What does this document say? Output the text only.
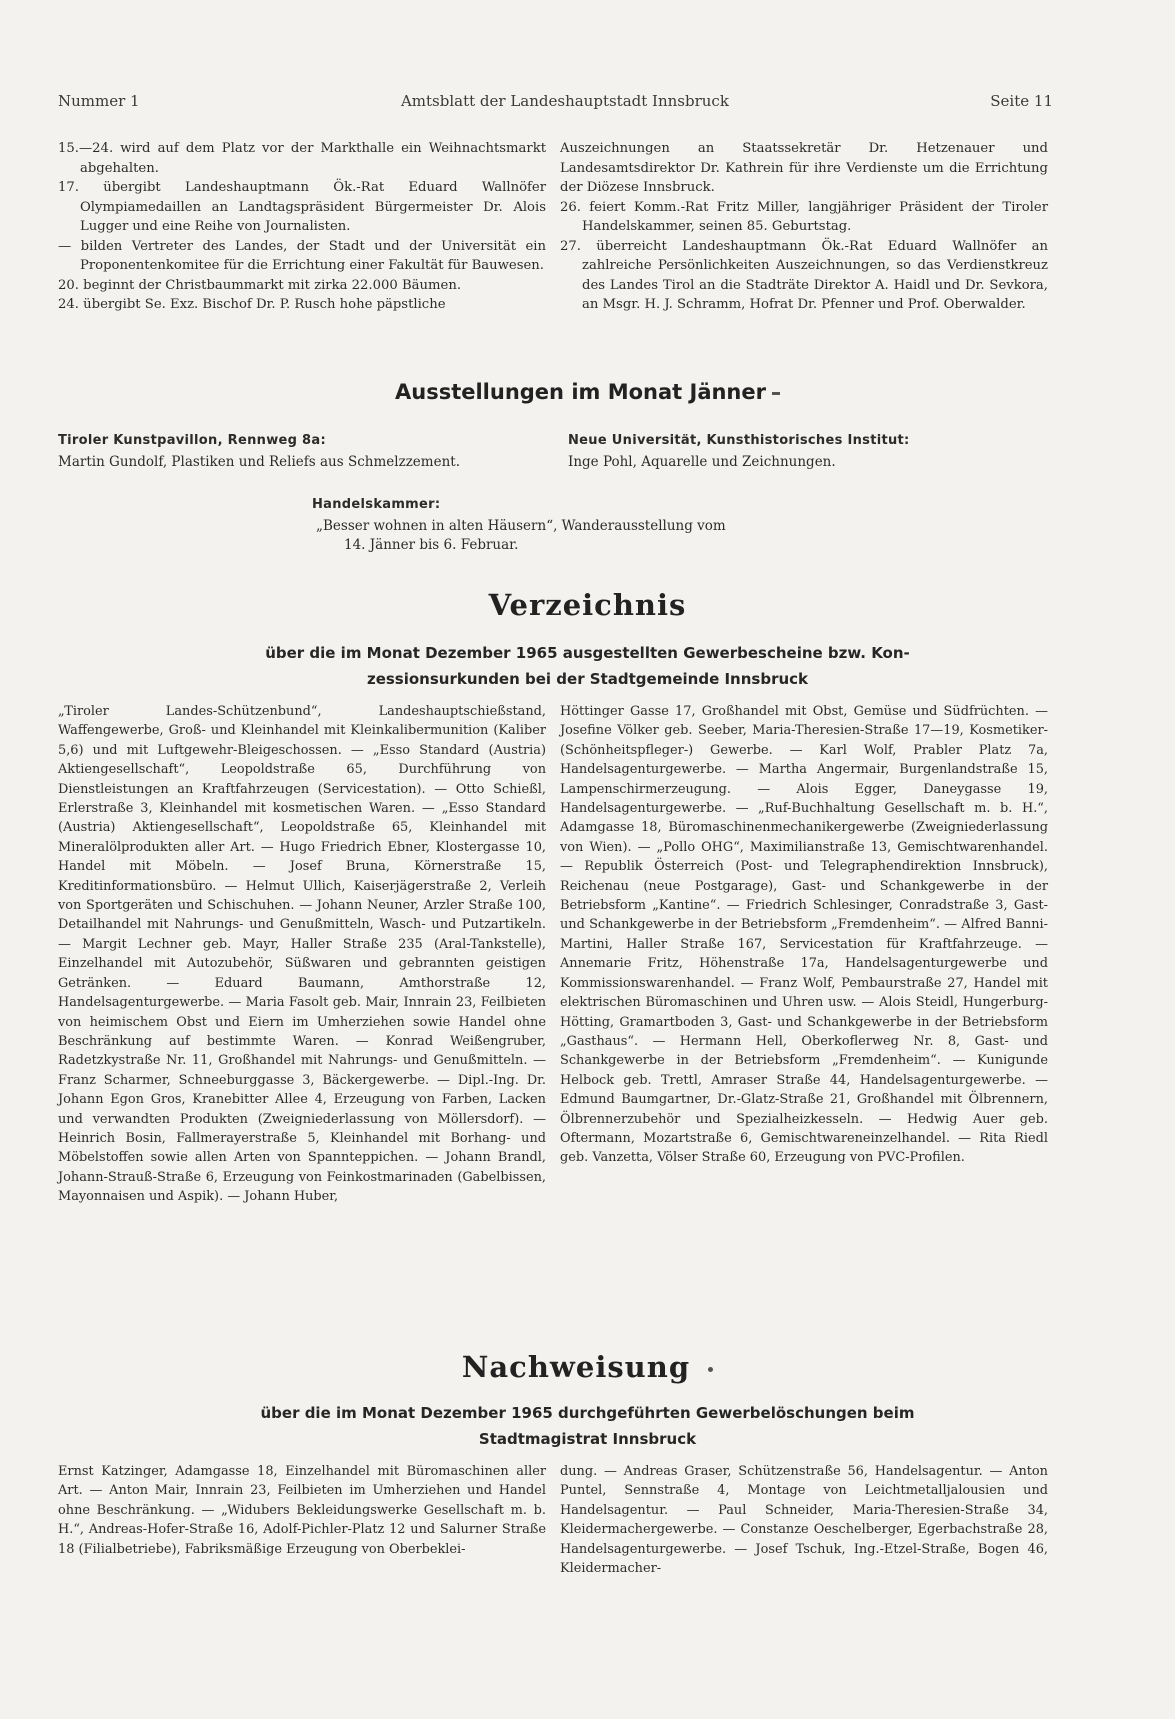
Nummer 1	Amtsblatt der Landeshauptstadt Innsbruck	Seite 11

15.—24. wird auf dem Platz vor der Markthalle ein Weihnachtsmarkt abgehalten.

17. übergibt Landeshauptmann Ök.-Rat Eduard Wallnöfer Olympiamedaillen an Landtagspräsident Bürgermeister Dr. Alois Lugger und eine Reihe von Journalisten.

— bilden Vertreter des Landes, der Stadt und der Universität ein Proponentenkomitee für die Errichtung einer Fakultät für Bauwesen.

20. beginnt der Christbaummarkt mit zirka 22.000 Bäumen.

24. übergibt Se. Exz. Bischof Dr. P. Rusch hohe päpstliche

Auszeichnungen an Staatssekretär Dr. Hetzenauer und Landesamtsdirektor Dr. Kathrein für ihre Verdienste um die Errichtung der Diözese Innsbruck.

26. feiert Komm.-Rat Fritz Miller, langjähriger Präsident der Tiroler Handelskammer, seinen 85. Geburtstag.

27. überreicht Landeshauptmann Ök.-Rat Eduard Wallnöfer an zahlreiche Persönlichkeiten Auszeichnungen, so das Verdienstkreuz des Landes Tirol an die Stadträte Direktor A. Haidl und Dr. Sevkora, an Msgr. H. J. Schramm, Hofrat Dr. Pfenner und Prof. Oberwalder.

Ausstellungen im Monat Jänner
Tiroler Kunstpavillon, Rennweg 8a:
Martin Gundolf, Plastiken und Reliefs aus Schmelzzement.
Neue Universität, Kunsthistorisches Institut:
Inge Pohl, Aquarelle und Zeichnungen.
Handelskammer:
„Besser wohnen in alten Häusern“, Wanderausstellung vom
14. Jänner bis 6. Februar.
Verzeichnis
über die im Monat Dezember 1965 ausgestellten Gewerbescheine bzw. Kon-
zessionsurkunden bei der Stadtgemeinde Innsbruck

„Tiroler Landes-Schützenbund“, Landeshauptschießstand, Waffengewerbe, Groß- und Kleinhandel mit Kleinkalibermunition (Kaliber 5,6) und mit Luftgewehr-Bleigeschossen. — „Esso Standard (Austria) Aktiengesellschaft“, Leopoldstraße 65, Durchführung von Dienstleistungen an Kraftfahrzeugen (Servicestation). — Otto Schießl, Erlerstraße 3, Kleinhandel mit kosmetischen Waren. — „Esso Standard (Austria) Aktiengesellschaft“, Leopoldstraße 65, Kleinhandel mit Mineralölprodukten aller Art. — Hugo Friedrich Ebner, Klostergasse 10, Handel mit Möbeln. — Josef Bruna, Körnerstraße 15, Kreditinformationsbüro. — Helmut Ullich, Kaiserjägerstraße 2, Verleih von Sportgeräten und Schischuhen. — Johann Neuner, Arzler Straße 100, Detailhandel mit Nahrungs- und Genußmitteln, Wasch- und Putzartikeln. — Margit Lechner geb. Mayr, Haller Straße 235 (Aral-Tankstelle), Einzelhandel mit Autozubehör, Süßwaren und gebrannten geistigen Getränken. — Eduard Baumann, Amthorstraße 12, Handelsagenturgewerbe. — Maria Fasolt geb. Mair, Innrain 23, Feilbieten von heimischem Obst und Eiern im Umherziehen sowie Handel ohne Beschränkung auf bestimmte Waren. — Konrad Weißengruber, Radetzkystraße Nr. 11, Großhandel mit Nahrungs- und Genußmitteln. — Franz Scharmer, Schneeburggasse 3, Bäckergewerbe. — Dipl.-Ing. Dr. Johann Egon Gros, Kranebitter Allee 4, Erzeugung von Farben, Lacken und verwandten Produkten (Zweigniederlassung von Möllersdorf). — Heinrich Bosin, Fallmerayerstraße 5, Kleinhandel mit Borhang- und Möbelstoffen sowie allen Arten von Spannteppichen. — Johann Brandl, Johann-Strauß-Straße 6, Erzeugung von Feinkostmarinaden (Gabelbissen, Mayonnaisen und Aspik). — Johann Huber,

Höttinger Gasse 17, Großhandel mit Obst, Gemüse und Südfrüchten. — Josefine Völker geb. Seeber, Maria-Theresien-Straße 17—19, Kosmetiker- (Schönheitspfleger-) Gewerbe. — Karl Wolf, Prabler Platz 7a, Handelsagenturgewerbe. — Martha Angermair, Burgenlandstraße 15, Lampenschirmerzeugung. — Alois Egger, Daneygasse 19, Handelsagenturgewerbe. — „Ruf-Buchhaltung Gesellschaft m. b. H.“, Adamgasse 18, Büromaschinenmechanikergewerbe (Zweigniederlassung von Wien). — „Pollo OHG“, Maximilianstraße 13, Gemischtwarenhandel. — Republik Österreich (Post- und Telegraphendirektion Innsbruck), Reichenau (neue Postgarage), Gast- und Schankgewerbe in der Betriebsform „Kantine“. — Friedrich Schlesinger, Conradstraße 3, Gast- und Schankgewerbe in der Betriebsform „Fremdenheim“. — Alfred Banni-Martini, Haller Straße 167, Servicestation für Kraftfahrzeuge. — Annemarie Fritz, Höhenstraße 17a, Handelsagenturgewerbe und Kommissionswarenhandel. — Franz Wolf, Pembaurstraße 27, Handel mit elektrischen Büromaschinen und Uhren usw. — Alois Steidl, Hungerburg-Hötting, Gramartboden 3, Gast- und Schankgewerbe in der Betriebsform „Gasthaus“. — Hermann Hell, Oberkoflerweg Nr. 8, Gast- und Schankgewerbe in der Betriebsform „Fremdenheim“. — Kunigunde Helbock geb. Trettl, Amraser Straße 44, Handelsagenturgewerbe. — Edmund Baumgartner, Dr.-Glatz-Straße 21, Großhandel mit Ölbrennern, Ölbrennerzubehör und Spezialheizkesseln. — Hedwig Auer geb. Oftermann, Mozartstraße 6, Gemischtwareneinzelhandel. — Rita Riedl geb. Vanzetta, Völser Straße 60, Erzeugung von PVC-Profilen.

Nachweisung
über die im Monat Dezember 1965 durchgeführten Gewerbelöschungen beim
Stadtmagistrat Innsbruck

Ernst Katzinger, Adamgasse 18, Einzelhandel mit Büromaschinen aller Art. — Anton Mair, Innrain 23, Feilbieten im Umherziehen und Handel ohne Beschränkung. — „Widubers Bekleidungswerke Gesellschaft m. b. H.“, Andreas-Hofer-Straße 16, Adolf-Pichler-Platz 12 und Salurner Straße 18 (Filialbetriebe), Fabriksmäßige Erzeugung von Oberbeklei-

dung. — Andreas Graser, Schützenstraße 56, Handelsagentur. — Anton Puntel, Sennstraße 4, Montage von Leichtmetalljalousien und Handelsagentur. — Paul Schneider, Maria-Theresien-Straße 34, Kleidermachergewerbe. — Constanze Oeschelberger, Egerbachstraße 28, Handelsagenturgewerbe. — Josef Tschuk, Ing.-Etzel-Straße, Bogen 46, Kleidermacher-
